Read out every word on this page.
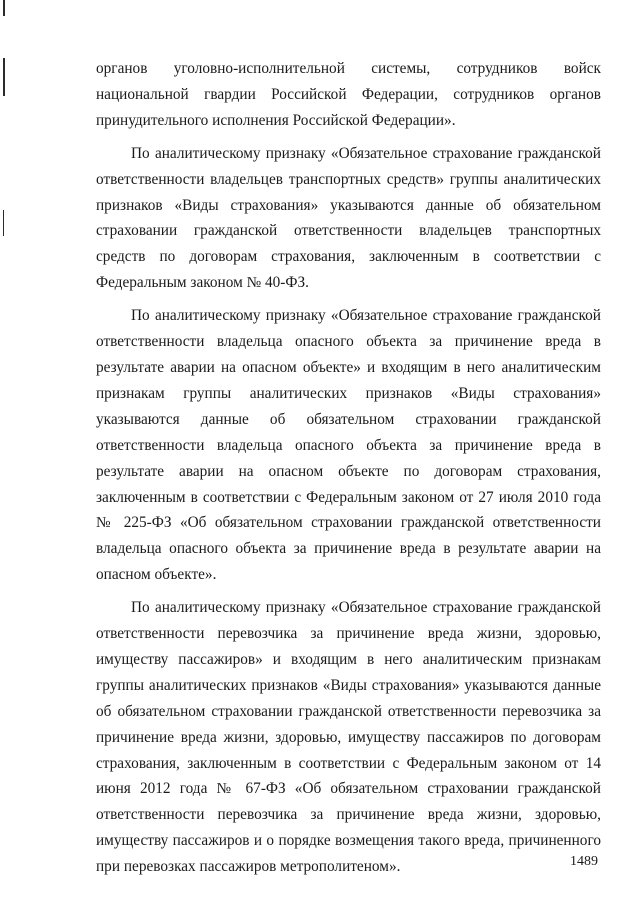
органов уголовно-исполнительной системы, сотрудников войск национальной гвардии Российской Федерации, сотрудников органов принудительного исполнения Российской Федерации».

По аналитическому признаку «Обязательное страхование гражданской ответственности владельцев транспортных средств» группы аналитических признаков «Виды страхования» указываются данные об обязательном страховании гражданской ответственности владельцев транспортных средств по договорам страхования, заключенным в соответствии с Федеральным законом № 40-ФЗ.

По аналитическому признаку «Обязательное страхование гражданской ответственности владельца опасного объекта за причинение вреда в результате аварии на опасном объекте» и входящим в него аналитическим признакам группы аналитических признаков «Виды страхования» указываются данные об обязательном страховании гражданской ответственности владельца опасного объекта за причинение вреда в результате аварии на опасном объекте по договорам страхования, заключенным в соответствии с Федеральным законом от 27 июля 2010 года № 225-ФЗ «Об обязательном страховании гражданской ответственности владельца опасного объекта за причинение вреда в результате аварии на опасном объекте».

По аналитическому признаку «Обязательное страхование гражданской ответственности перевозчика за причинение вреда жизни, здоровью, имуществу пассажиров» и входящим в него аналитическим признакам группы аналитических признаков «Виды страхования» указываются данные об обязательном страховании гражданской ответственности перевозчика за причинение вреда жизни, здоровью, имуществу пассажиров по договорам страхования, заключенным в соответствии с Федеральным законом от 14 июня 2012 года № 67-ФЗ «Об обязательном страховании гражданской ответственности перевозчика за причинение вреда жизни, здоровью, имуществу пассажиров и о порядке возмещения такого вреда, причиненного при перевозках пассажиров метрополитеном».	1489
